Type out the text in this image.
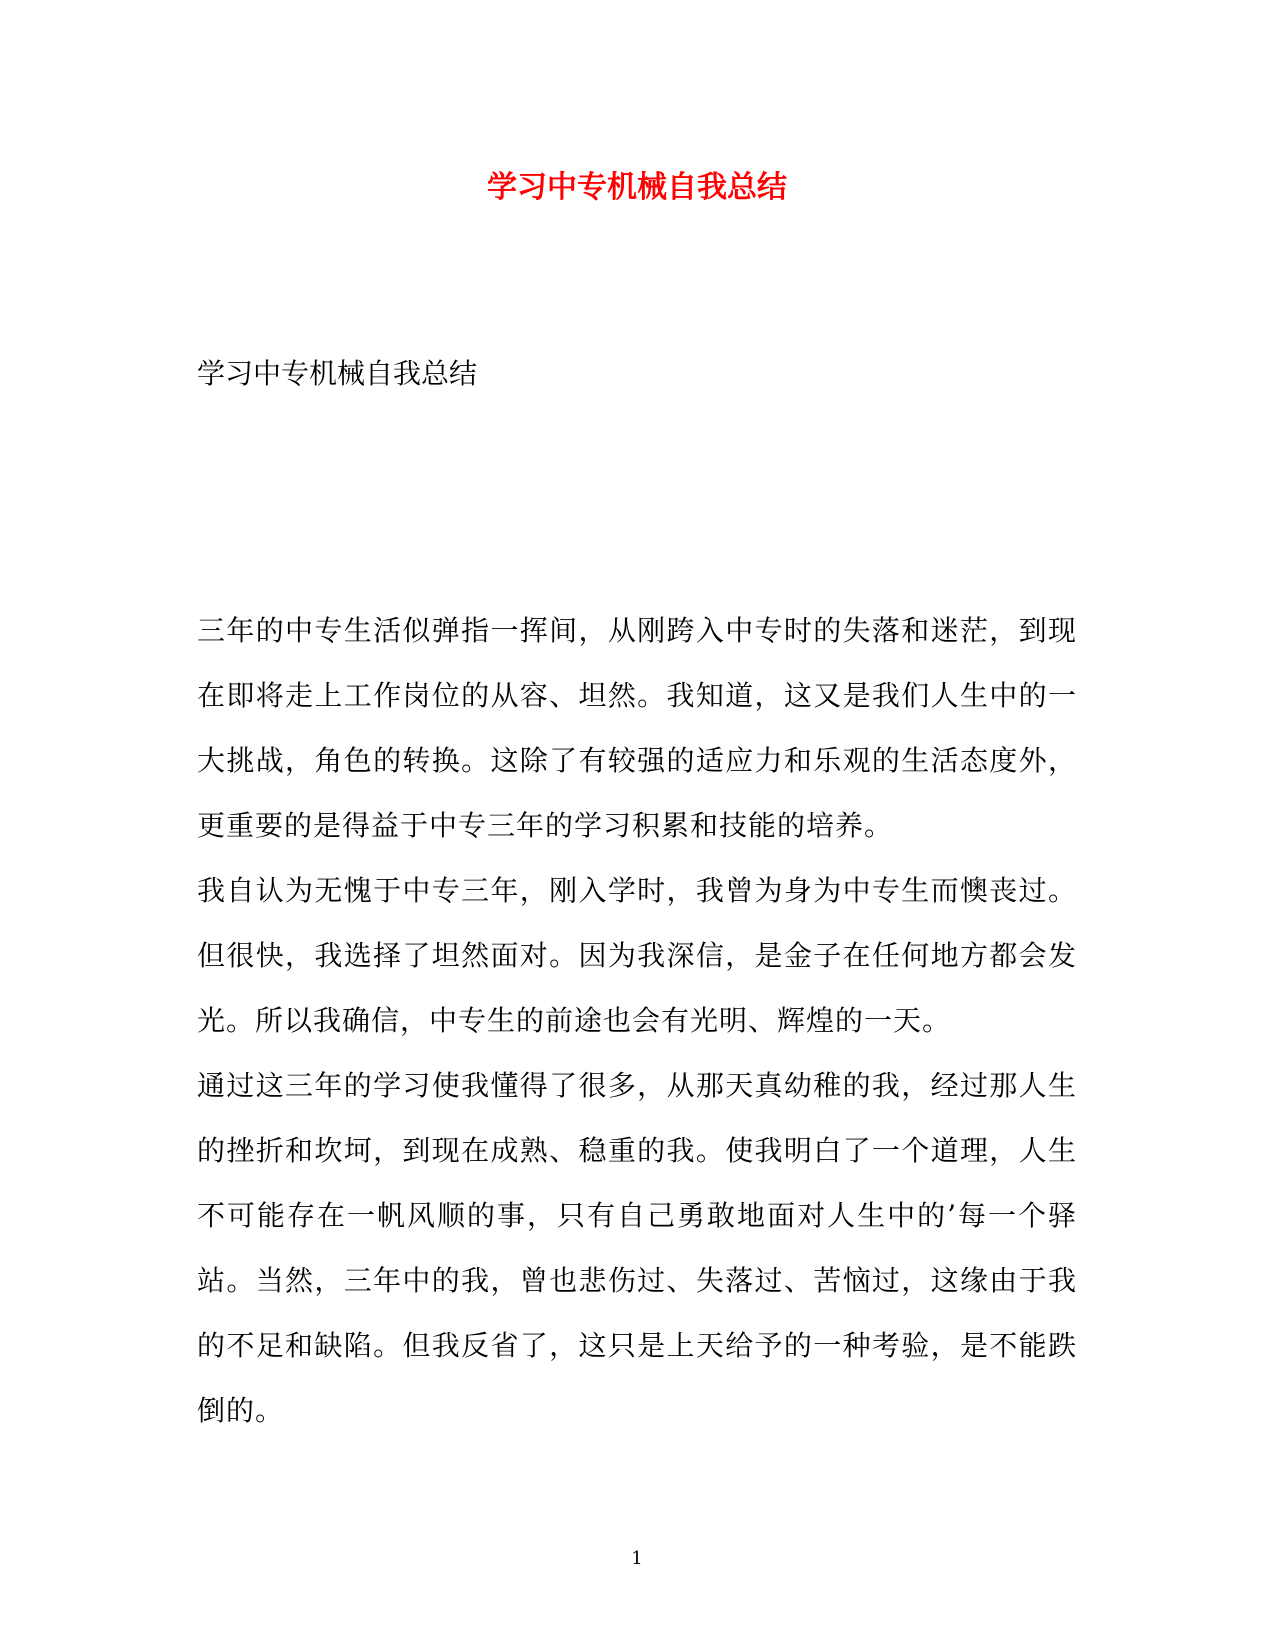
学习中专机械自我总结
学习中专机械自我总结

三年的中专生活似弹指一挥间，从刚跨入中专时的失落和迷茫，到现在即将走上工作岗位的从容、坦然。我知道，这又是我们人生中的一大挑战，角色的转换。这除了有较强的适应力和乐观的生活态度外，更重要的是得益于中专三年的学习积累和技能的培养。

我自认为无愧于中专三年，刚入学时，我曾为身为中专生而懊丧过。但很快，我选择了坦然面对。因为我深信，是金子在任何地方都会发光。所以我确信，中专生的前途也会有光明、辉煌的一天。

通过这三年的学习使我懂得了很多，从那天真幼稚的我，经过那人生的挫折和坎坷，到现在成熟、稳重的我。使我明白了一个道理，人生不可能存在一帆风顺的事，只有自己勇敢地面对人生中的’每一个驿站。当然，三年中的我，曾也悲伤过、失落过、苦恼过，这缘由于我的不足和缺陷。但我反省了，这只是上天给予的一种考验，是不能跌倒的。

1
